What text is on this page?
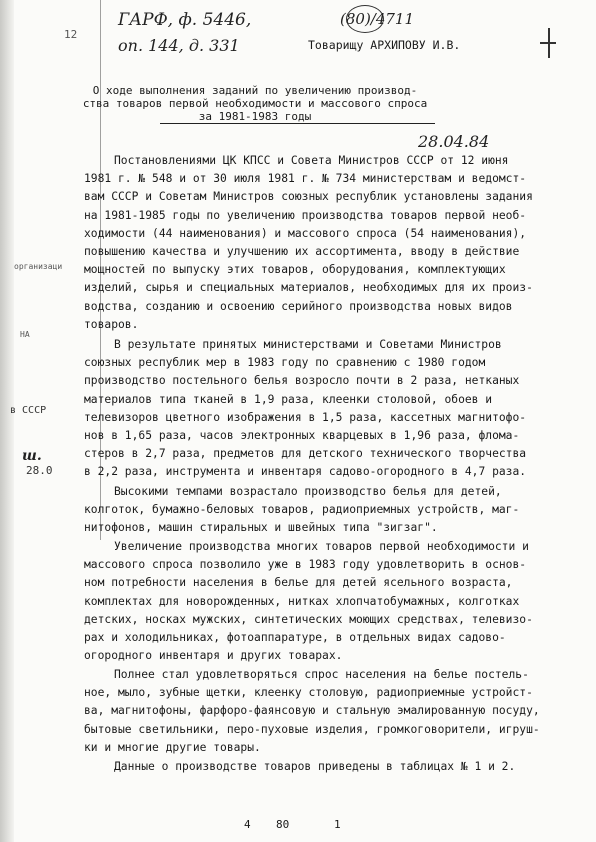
12
организаци
НА
в СССР
28.0
ш.
ГАРФ, ф. 5446,
оп. 144, д. 331
(80)/4711
Товарищу АРХИПОВУ И.В.
О ходе выполнения заданий по увеличению производ-
ства товаров первой необходимости и массового спроса
за 1981-1983 годы
28.04.84
Постановлениями ЦК КПСС и Совета Министров СССР от 12 июня
1981 г. № 548 и от 30 июля 1981 г. № 734 министерствам и ведомст-
вам СССР и Советам Министров союзных республик установлены задания
на 1981-1985 годы по увеличению производства товаров первой необ-
ходимости (44 наименования) и массового спроса (54 наименования),
повышению качества и улучшению их ассортимента, вводу в действие
мощностей по выпуску этих товаров, оборудования, комплектующих
изделий, сырья и специальных материалов, необходимых для их произ-
водства, созданию и освоению серийного производства новых видов
товаров.
В результате принятых министерствами и Советами Министров
союзных республик мер в 1983 году по сравнению с 1980 годом
производство постельного белья возросло почти в 2 раза, нетканых
материалов типа тканей в 1,9 раза, клеенки столовой, обоев и
телевизоров цветного изображения в 1,5 раза, кассетных магнитофо-
нов в 1,65 раза, часов электронных кварцевых в 1,96 раза, флома-
стеров в 2,7 раза, предметов для детского технического творчества
в 2,2 раза, инструмента и инвентаря садово-огородного в 4,7 раза.
Высокими темпами возрастало производство белья для детей,
колготок, бумажно-беловых товаров, радиоприемных устройств, маг-
нитофонов, машин стиральных и швейных типа "зигзаг".
Увеличение производства многих товаров первой необходимости и
массового спроса позволило уже в 1983 году удовлетворить в основ-
ном потребности населения в белье для детей ясельного возраста,
комплектах для новорожденных, нитках хлопчатобумажных, колготках
детских, носках мужских, синтетических моющих средствах, телевизо-
рах и холодильниках, фотоаппаратуре, в отдельных видах садово-
огородного инвентаря и других товарах.
Полнее стал удовлетворяться спрос населения на белье постель-
ное, мыло, зубные щетки, клеенку столовую, радиоприемные устройст-
ва, магнитофоны, фарфоро-фаянсовую и стальную эмалированную посуду,
бытовые светильники, перо-пуховые изделия, громкоговорители, игруш-
ки и многие другие товары.
Данные о производстве товаров приведены в таблицах № 1 и 2.
4 80	1
